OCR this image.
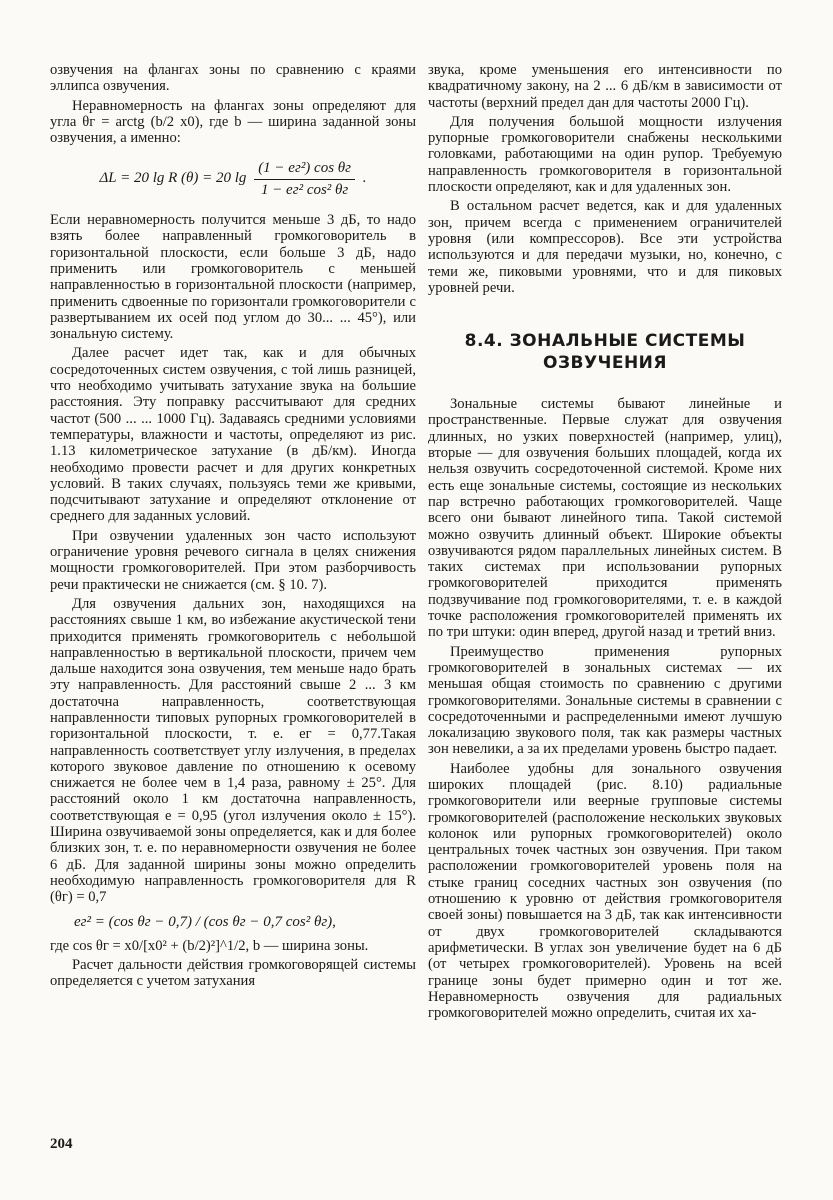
озвучения на флангах зоны по сравнению с краями эллипса озвучения.

Неравномерность на флангах зоны определяют для угла θг = arctg (b/2 x0), где b — ширина заданной зоны озвучения, а именно:

ΔL = 20 lg R (θ) = 20 $\lg \frac{\text{(1 − eг²) cos θг}}{\text{1 − eг² cos² θг}}$ .

Если неравномерность получится меньше 3 дБ, то надо взять более направленный громкоговоритель в горизонтальной плоскости, если больше 3 дБ, надо применить или громкоговоритель с меньшей направленностью в горизонтальной плоскости (например, применить сдвоенные по горизонтали громкоговорители с развертыванием их осей под углом до 30... ... 45°), или зональную систему.

Далее расчет идет так, как и для обычных сосредоточенных систем озвучения, с той лишь разницей, что необходимо учитывать затухание звука на большие расстояния. Эту поправку рассчитывают для средних частот (500 ... ... 1000 Гц). Задаваясь средними условиями температуры, влажности и частоты, определяют из рис. 1.13 километрическое затухание (в дБ/км). Иногда необходимо провести расчет и для других конкретных условий. В таких случаях, пользуясь теми же кривыми, подсчитывают затухание и определяют отклонение от среднего для заданных условий.

При озвучении удаленных зон часто используют ограничение уровня речевого сигнала в целях снижения мощности громкоговорителей. При этом разборчивость речи практически не снижается (см. § 10. 7).

Для озвучения дальних зон, находящихся на расстояниях свыше 1 км, во избежание акустической тени приходится применять громкоговоритель с небольшой направленностью в вертикальной плоскости, причем чем дальше находится зона озвучения, тем меньше надо брать эту направленность. Для расстояний свыше 2 ... 3 км достаточна направленность, соответствующая направленности типовых рупорных громкоговорителей в горизонтальной плоскости, т. е. eг = 0,77.Такая направленность соответствует углу излучения, в пределах которого звуковое давление по отношению к осевому снижается не более чем в 1,4 раза, равному ± 25°. Для расстояний около 1 км достаточна направленность, соответствующая e = 0,95 (угол излучения около ± 15°). Ширина озвучиваемой зоны определяется, как и для более близких зон, т. е. по неравномерности озвучения не более 6 дБ. Для заданной ширины зоны можно определить необходимую направленность громкоговорителя для R (θг) = 0,7

eг² = (cos θг − 0,7) / (cos θг − 0,7 cos² θг),

где cos θг = x0/[x0² + (b/2)²]^1/2, b — ширина зоны.

Расчет дальности действия громкоговорящей системы определяется с учетом затухания

звука, кроме уменьшения его интенсивности по квадратичному закону, на 2 ... 6 дБ/км в зависимости от частоты (верхний предел дан для частоты 2000 Гц).

Для получения большой мощности излучения рупорные громкоговорители снабжены несколькими головками, работающими на один рупор. Требуемую направленность громкоговорителя в горизонтальной плоскости определяют, как и для удаленных зон.

В остальном расчет ведется, как и для удаленных зон, причем всегда с применением ограничителей уровня (или компрессоров). Все эти устройства используются и для передачи музыки, но, конечно, с теми же, пиковыми уровнями, что и для пиковых уровней речи.

8.4. ЗОНАЛЬНЫЕ СИСТЕМЫ
ОЗВУЧЕНИЯ

Зональные системы бывают линейные и пространственные. Первые служат для озвучения длинных, но узких поверхностей (например, улиц), вторые — для озвучения больших площадей, когда их нельзя озвучить сосредоточенной системой. Кроме них есть еще зональные системы, состоящие из нескольких пар встречно работающих громкоговорителей. Чаще всего они бывают линейного типа. Такой системой можно озвучить длинный объект. Широкие объекты озвучиваются рядом параллельных линейных систем. В таких системах при использовании рупорных громкоговорителей приходится применять подзвучивание под громкоговорителями, т. е. в каждой точке расположения громкоговорителей применять их по три штуки: один вперед, другой назад и третий вниз.

Преимущество применения рупорных громкоговорителей в зональных системах — их меньшая общая стоимость по сравнению с другими громкоговорителями. Зональные системы в сравнении с сосредоточенными и распределенными имеют лучшую локализацию звукового поля, так как размеры частных зон невелики, а за их пределами уровень быстро падает.

Наиболее удобны для зонального озвучения широких площадей (рис. 8.10) радиальные громкоговорители или веерные групповые системы громкоговорителей (расположение нескольких звуковых колонок или рупорных громкоговорителей) около центральных точек частных зон озвучения. При таком расположении громкоговорителей уровень поля на стыке границ соседних частных зон озвучения (по отношению к уровню от действия громкоговорителя своей зоны) повышается на 3 дБ, так как интенсивности от двух громкоговорителей складываются арифметически. В углах зон увеличение будет на 6 дБ (от четырех громкоговорителей). Уровень на всей границе зоны будет примерно один и тот же. Неравномерность озвучения для радиальных громкоговорителей можно определить, считая их ха-

204
